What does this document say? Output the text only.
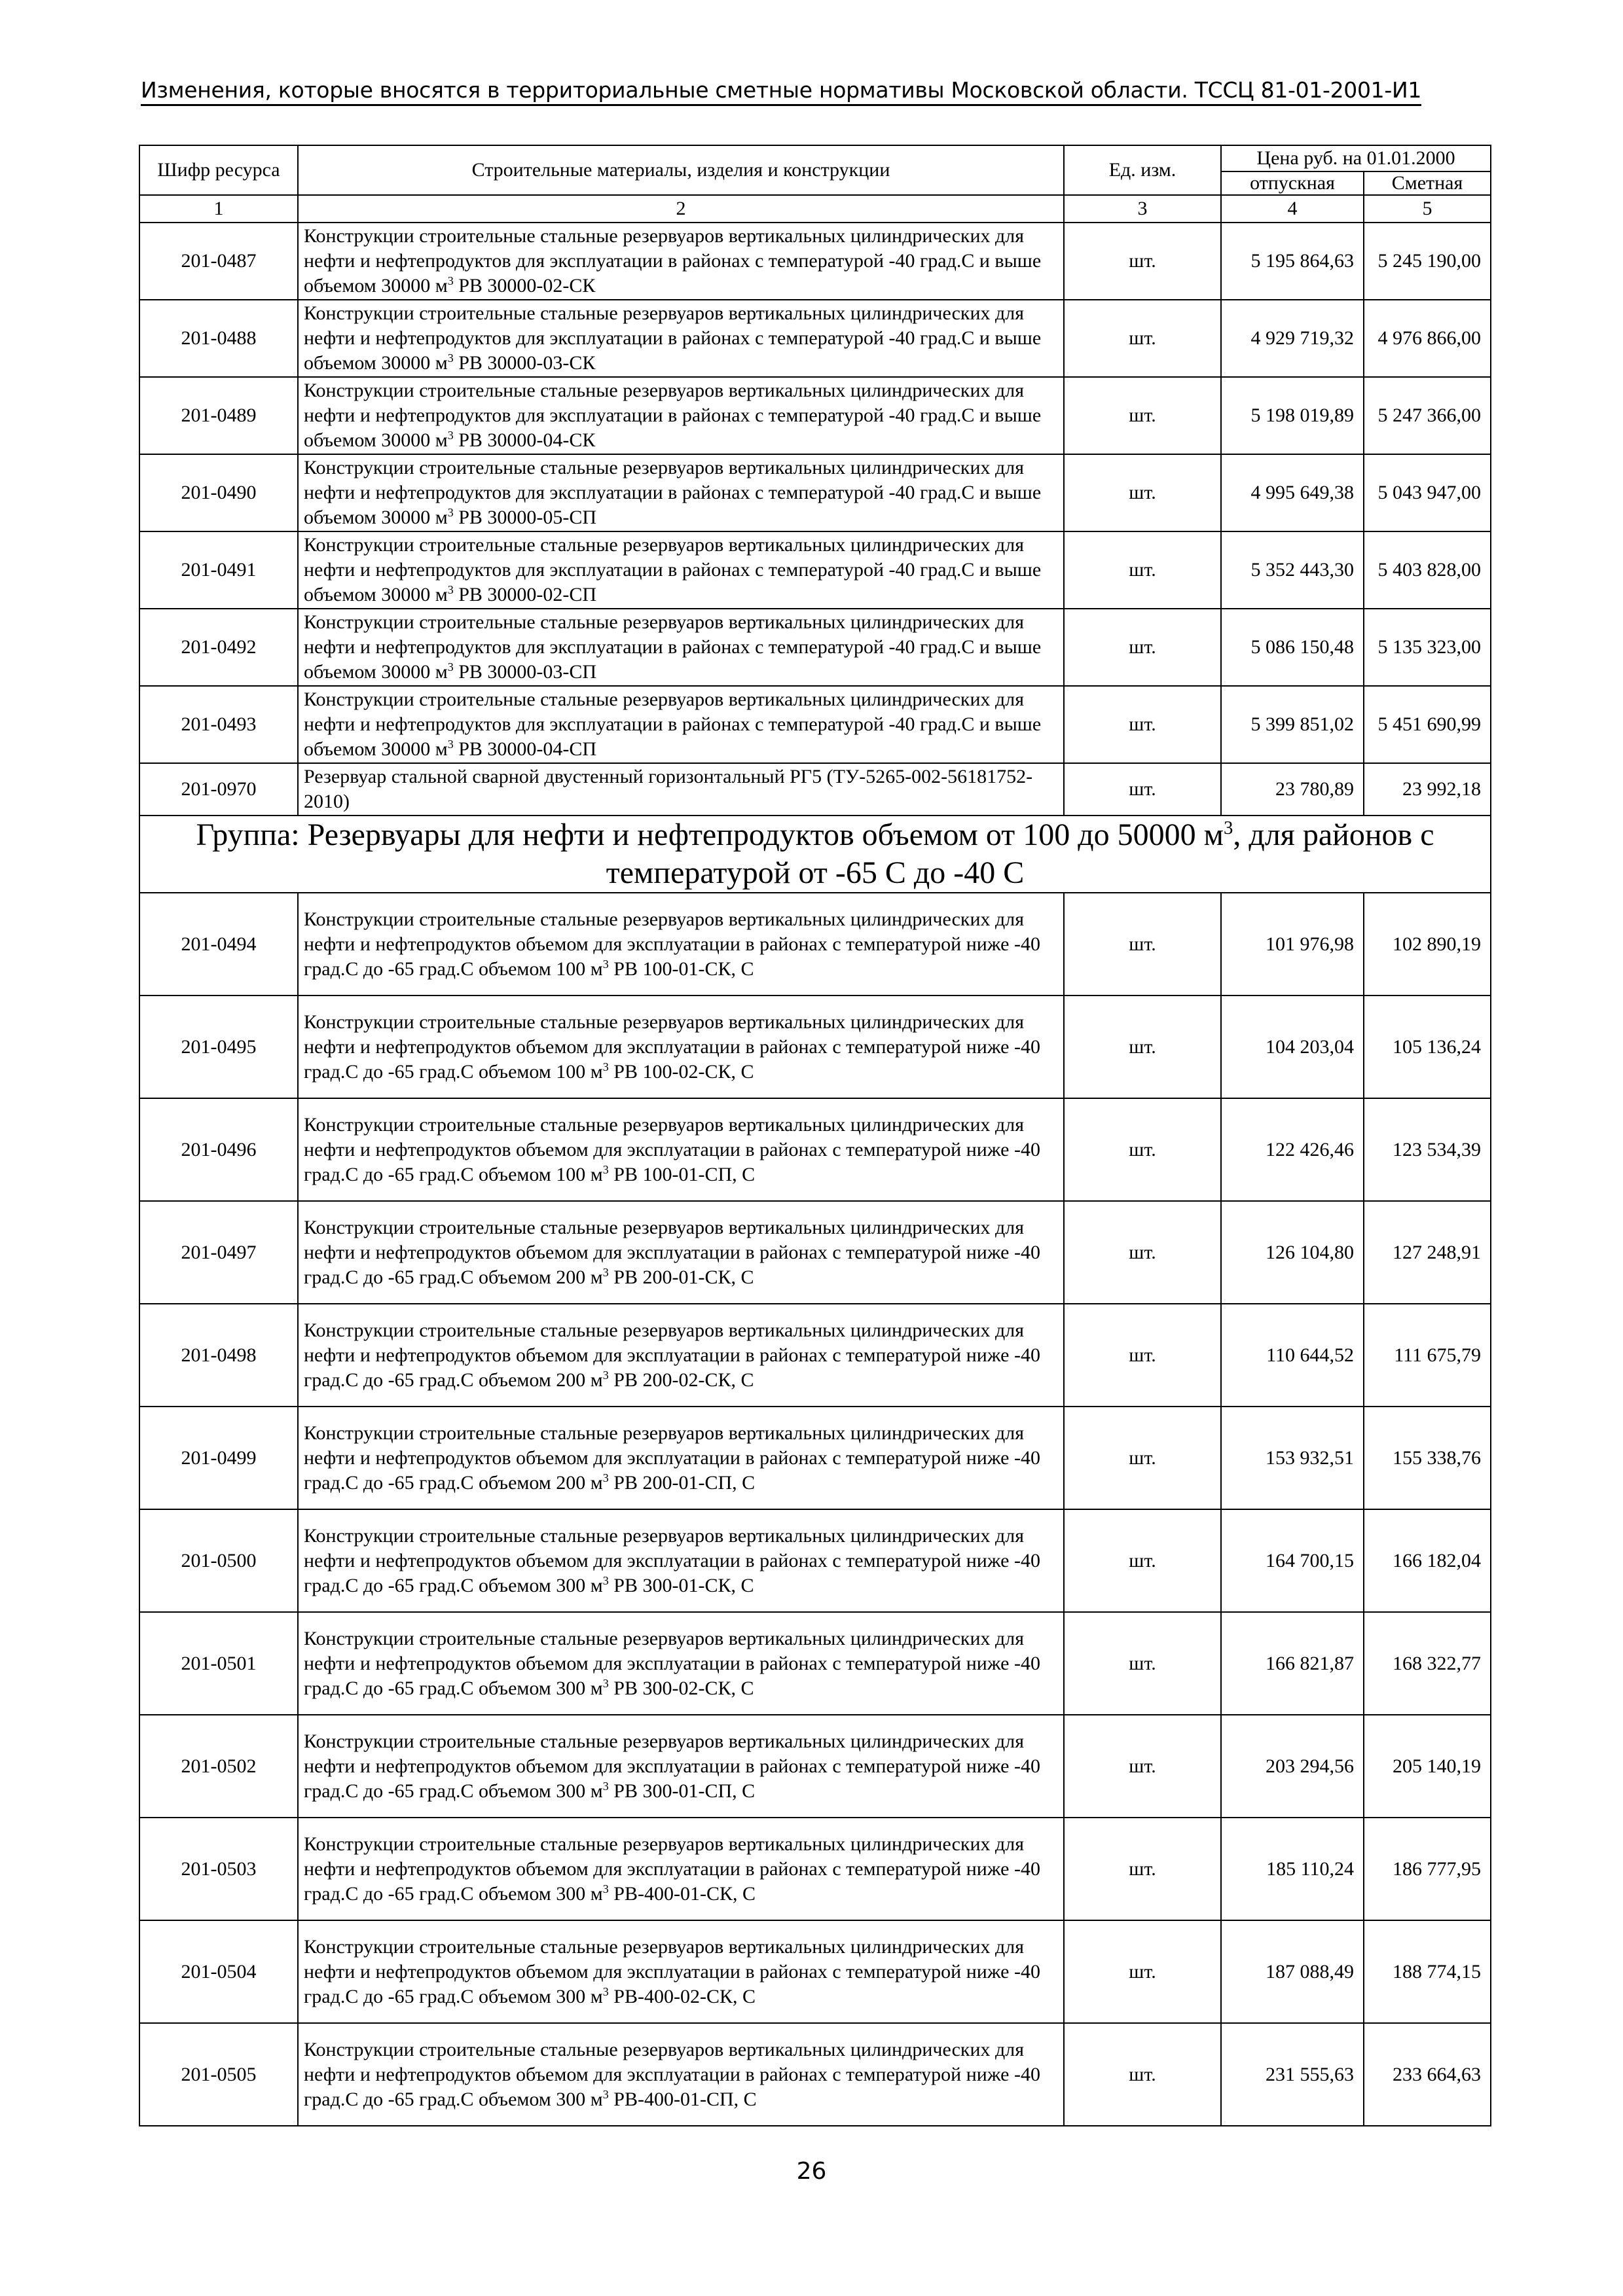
Изменения, которые вносятся в территориальные сметные нормативы Московской области. ТССЦ 81-01-2001-И1
Шифр ресурса	Строительные материалы, изделия и конструкции	Ед. изм.	Цена руб. на 01.01.2000	
			отпускная	Сметная
1	2	3	4	5
201-0487	Конструкции строительные стальные резервуаров вертикальных цилиндрических для нефти и нефтепродуктов для эксплуатации в районах с температурой -40 град.С и выше объемом 30000 $м^3$ РВ 30000-02-СК	шт.	5 195 864,63	5 245 190,00
201-0488	Конструкции строительные стальные резервуаров вертикальных цилиндрических для нефти и нефтепродуктов для эксплуатации в районах с температурой -40 град.С и выше объемом 30000 $м^3$ РВ 30000-03-СК	шт.	4 929 719,32	4 976 866,00
201-0489	Конструкции строительные стальные резервуаров вертикальных цилиндрических для нефти и нефтепродуктов для эксплуатации в районах с температурой -40 град.С и выше объемом 30000 $м^3$ РВ 30000-04-СК	шт.	5 198 019,89	5 247 366,00
201-0490	Конструкции строительные стальные резервуаров вертикальных цилиндрических для нефти и нефтепродуктов для эксплуатации в районах с температурой -40 град.С и выше объемом 30000 $м^3$ РВ 30000-05-СП	шт.	4 995 649,38	5 043 947,00
201-0491	Конструкции строительные стальные резервуаров вертикальных цилиндрических для нефти и нефтепродуктов для эксплуатации в районах с температурой -40 град.С и выше объемом 30000 $м^3$ РВ 30000-02-СП	шт.	5 352 443,30	5 403 828,00
201-0492	Конструкции строительные стальные резервуаров вертикальных цилиндрических для нефти и нефтепродуктов для эксплуатации в районах с температурой -40 град.С и выше объемом 30000 $м^3$ РВ 30000-03-СП	шт.	5 086 150,48	5 135 323,00
201-0493	Конструкции строительные стальные резервуаров вертикальных цилиндрических для нефти и нефтепродуктов для эксплуатации в районах с температурой -40 град.С и выше объемом 30000 $м^3$ РВ 30000-04-СП	шт.	5 399 851,02	5 451 690,99
201-0970	Резервуар стальной сварной двустенный горизонтальный РГ5 (ТУ-5265-002-56181752-2010)	шт.	23 780,89	23 992,18
Группа: Резервуары для нефти и нефтепродуктов объемом от 100 до 50000 $м^3$, для районов с температурой от -65 С до -40 С				
201-0494	Конструкции строительные стальные резервуаров вертикальных цилиндрических для нефти и нефтепродуктов объемом для эксплуатации в районах с температурой ниже -40 град.С до -65 град.С объемом 100 $м^3$ РВ 100-01-СК, С	шт.	101 976,98	102 890,19
201-0495	Конструкции строительные стальные резервуаров вертикальных цилиндрических для нефти и нефтепродуктов объемом для эксплуатации в районах с температурой ниже -40 град.С до -65 град.С объемом 100 $м^3$ РВ 100-02-СК, С	шт.	104 203,04	105 136,24
201-0496	Конструкции строительные стальные резервуаров вертикальных цилиндрических для нефти и нефтепродуктов объемом для эксплуатации в районах с температурой ниже -40 град.С до -65 град.С объемом 100 $м^3$ РВ 100-01-СП, С	шт.	122 426,46	123 534,39
201-0497	Конструкции строительные стальные резервуаров вертикальных цилиндрических для нефти и нефтепродуктов объемом для эксплуатации в районах с температурой ниже -40 град.С до -65 град.С объемом 200 $м^3$ РВ 200-01-СК, С	шт.	126 104,80	127 248,91
201-0498	Конструкции строительные стальные резервуаров вертикальных цилиндрических для нефти и нефтепродуктов объемом для эксплуатации в районах с температурой ниже -40 град.С до -65 град.С объемом 200 $м^3$ РВ 200-02-СК, С	шт.	110 644,52	111 675,79
201-0499	Конструкции строительные стальные резервуаров вертикальных цилиндрических для нефти и нефтепродуктов объемом для эксплуатации в районах с температурой ниже -40 град.С до -65 град.С объемом 200 $м^3$ РВ 200-01-СП, С	шт.	153 932,51	155 338,76
201-0500	Конструкции строительные стальные резервуаров вертикальных цилиндрических для нефти и нефтепродуктов объемом для эксплуатации в районах с температурой ниже -40 град.С до -65 град.С объемом 300 $м^3$ РВ 300-01-СК, С	шт.	164 700,15	166 182,04
201-0501	Конструкции строительные стальные резервуаров вертикальных цилиндрических для нефти и нефтепродуктов объемом для эксплуатации в районах с температурой ниже -40 град.С до -65 град.С объемом 300 $м^3$ РВ 300-02-СК, С	шт.	166 821,87	168 322,77
201-0502	Конструкции строительные стальные резервуаров вертикальных цилиндрических для нефти и нефтепродуктов объемом для эксплуатации в районах с температурой ниже -40 град.С до -65 град.С объемом 300 $м^3$ РВ 300-01-СП, С	шт.	203 294,56	205 140,19
201-0503	Конструкции строительные стальные резервуаров вертикальных цилиндрических для нефти и нефтепродуктов объемом для эксплуатации в районах с температурой ниже -40 град.С до -65 град.С объемом 300 $м^3$ РВ-400-01-СК, С	шт.	185 110,24	186 777,95
201-0504	Конструкции строительные стальные резервуаров вертикальных цилиндрических для нефти и нефтепродуктов объемом для эксплуатации в районах с температурой ниже -40 град.С до -65 град.С объемом 300 $м^3$ РВ-400-02-СК, С	шт.	187 088,49	188 774,15
201-0505	Конструкции строительные стальные резервуаров вертикальных цилиндрических для нефти и нефтепродуктов объемом для эксплуатации в районах с температурой ниже -40 град.С до -65 град.С объемом 300 $м^3$ РВ-400-01-СП, С	шт.	231 555,63	233 664,63
26
